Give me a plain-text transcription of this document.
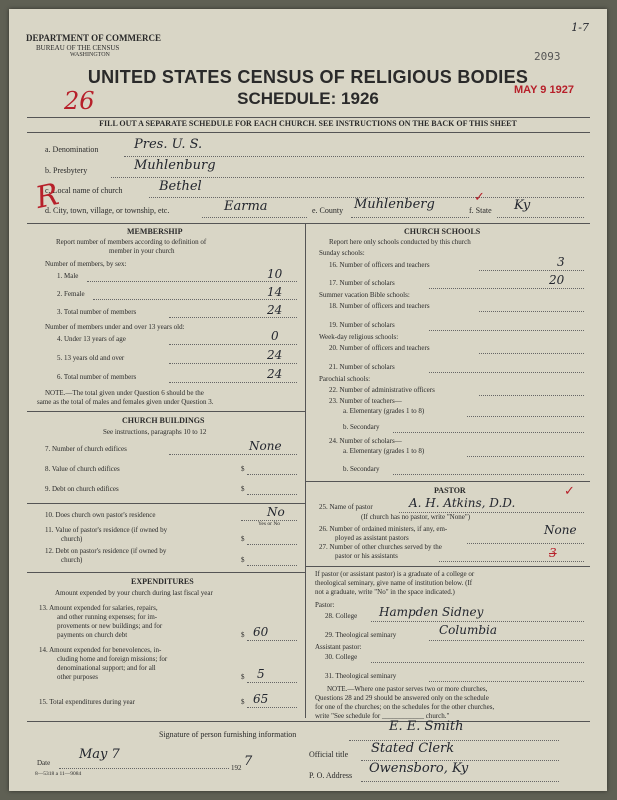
DEPARTMENT OF COMMERCE
BUREAU OF THE CENSUS
WASHINGTON
1-7
2093
MAY 9 1927
26
UNITED STATES CENSUS OF RELIGIOUS BODIES
SCHEDULE: 1926
FILL OUT A SEPARATE SCHEDULE FOR EACH CHURCH. SEE INSTRUCTIONS ON THE BACK OF THIS SHEET
a. Denomination	Pres. U. S.
b. Presbytery	Muhlenburg
c. Local name of church	Bethel
d. City, town, village, or township, etc.	Earma	e. County Muhlenberg	f. State Ky
R	✓
MEMBERSHIP
Report number of members according to definition of
member in your church
Number of members, by sex:
1. Male	10
2. Female	14
3. Total number of members	24
Number of members under and over 13 years old:
4. Under 13 years of age	0
5. 13 years old and over	24
6. Total number of members	24
NOTE.—The total given under Question 6 should be the
same as the total of males and females given under Question 3.
CHURCH BUILDINGS
See instructions, paragraphs 10 to 12
7. Number of church edifices	None
8. Value of church edifices	$
9. Debt on church edifices	$
10. Does church own pastor's residence	No
Yes or No
11. Value of pastor's residence (if owned by
church)	$
12. Debt on pastor's residence (if owned by
church)	$
EXPENDITURES
Amount expended by your church during last fiscal year
13. Amount expended for salaries, repairs,
and other running expenses; for im-
provements or new buildings; and for
payments on church debt	$ 60
14. Amount expended for benevolences, in-
cluding home and foreign missions; for
denominational support; and for all
other purposes	$ 5
15. Total expenditures during year	$ 65
CHURCH SCHOOLS
Report here only schools conducted by this church
Sunday schools:
16. Number of officers and teachers	3
17. Number of scholars	20
Summer vacation Bible schools:
18. Number of officers and teachers
19. Number of scholars
Week-day religious schools:
20. Number of officers and teachers
21. Number of scholars
Parochial schools:
22. Number of administrative officers
23. Number of teachers—
a. Elementary (grades 1 to 8)
b. Secondary
24. Number of scholars—
a. Elementary (grades 1 to 8)
b. Secondary
PASTOR
25. Name of pastor	A. H. Atkins, D.D.
✓
(If church has no pastor, write "None")
26. Number of ordained ministers, if any, em-
ployed as assistant pastors
None
27. Number of other churches served by the
pastor or his assistants	3
If pastor (or assistant pastor) is a graduate of a college or
theological seminary, give name of institution below. (If
not a graduate, write "No" in the space indicated.)
Pastor:
28. College Hampden Sidney
29. Theological seminary	Columbia
Assistant pastor:
30. College
31. Theological seminary
NOTE.—Where one pastor serves two or more churches,
Questions 28 and 29 should be answered only on the schedule
for one of the churches; on the schedules for the other churches,
write "See schedule for ____________ church."
Signature of person furnishing information
E. E. Smith
Official title Stated Clerk
Date
May 7
192 7
P. O. Address Owensboro, Ky
8—5318 a 11—9084
